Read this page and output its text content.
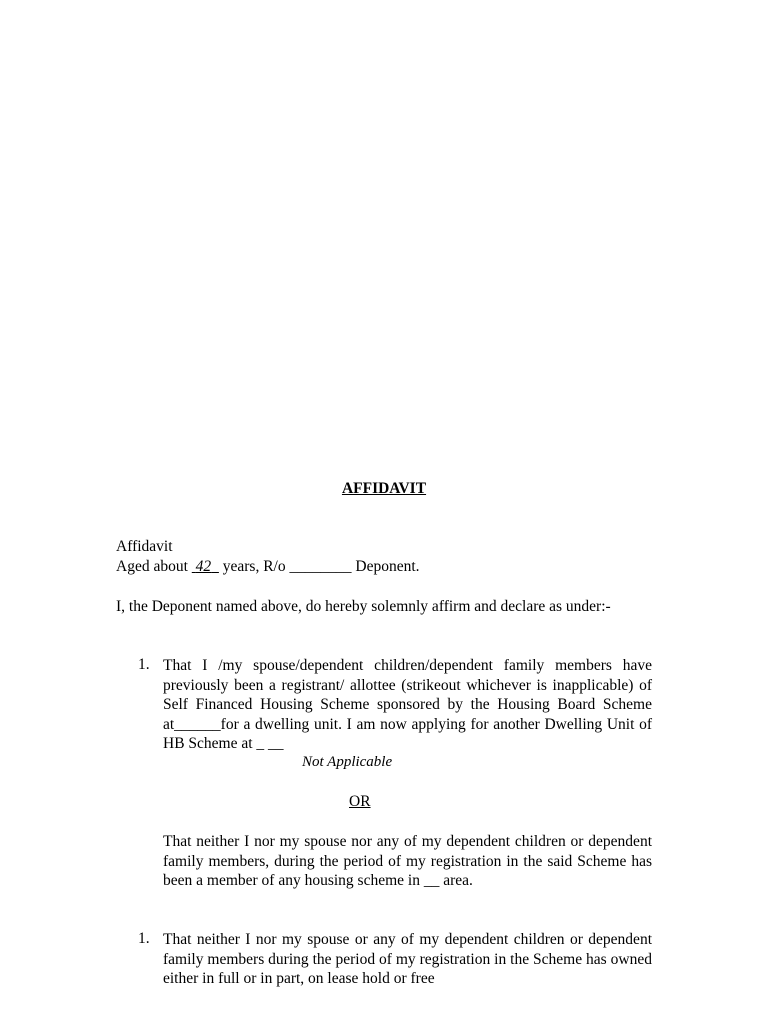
AFFIDAVIT
Affidavit
Aged about  42   years, R/o ________ Deponent.
I, the Deponent named above, do hereby solemnly affirm and declare as under:-
1. That I /my spouse/dependent children/dependent family members have previously been a registrant/ allottee (strikeout whichever is inapplicable) of Self Financed Housing Scheme sponsored by the Housing Board Scheme at______for a dwelling unit. I am now applying for another Dwelling Unit of HB Scheme at _ __
Not Applicable
OR
That neither I nor my spouse nor any of my dependent children or dependent family members, during the period of my registration in the said Scheme has been a member of any housing scheme in __ area.
1. That neither I nor my spouse or any of my dependent children or dependent family members during the period of my registration in the Scheme has owned either in full or in part, on lease hold or free
